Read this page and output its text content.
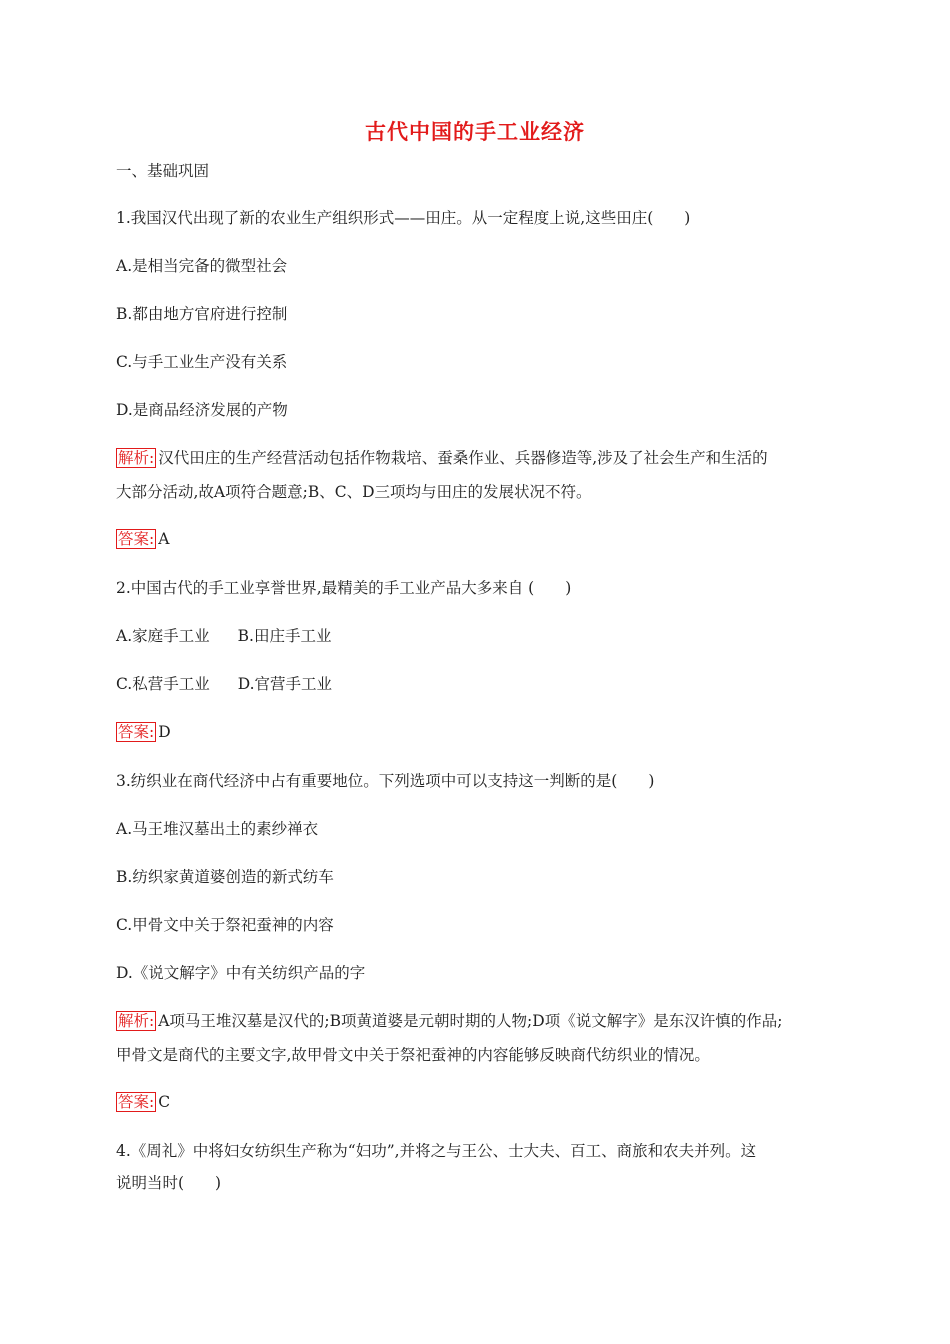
古代中国的手工业经济

一、基础巩固

1.我国汉代出现了新的农业生产组织形式——田庄。从一定程度上说,这些田庄(　　)

A.是相当完备的微型社会

B.都由地方官府进行控制

C.与手工业生产没有关系

D.是商品经济发展的产物

解析: 汉代田庄的生产经营活动包括作物栽培、蚕桑作业、兵器修造等,涉及了社会生产和生活的

大部分活动,故A项符合题意;B、C、D三项均与田庄的发展状况不符。

答案: A

2.中国古代的手工业享誉世界,最精美的手工业产品大多来自 (　　)

A.家庭手工业 B.田庄手工业

C.私营手工业 D.官营手工业

答案: D

3.纺织业在商代经济中占有重要地位。下列选项中可以支持这一判断的是(　　)

A.马王堆汉墓出土的素纱禅衣

B.纺织家黄道婆创造的新式纺车

C.甲骨文中关于祭祀蚕神的内容

D.《说文解字》中有关纺织产品的字

解析: A项马王堆汉墓是汉代的;B项黄道婆是元朝时期的人物;D项《说文解字》是东汉许慎的作品;

甲骨文是商代的主要文字,故甲骨文中关于祭祀蚕神的内容能够反映商代纺织业的情况。

答案: C

4.《周礼》中将妇女纺织生产称为“妇功”,并将之与王公、士大夫、百工、商旅和农夫并列。这

说明当时(　　)
